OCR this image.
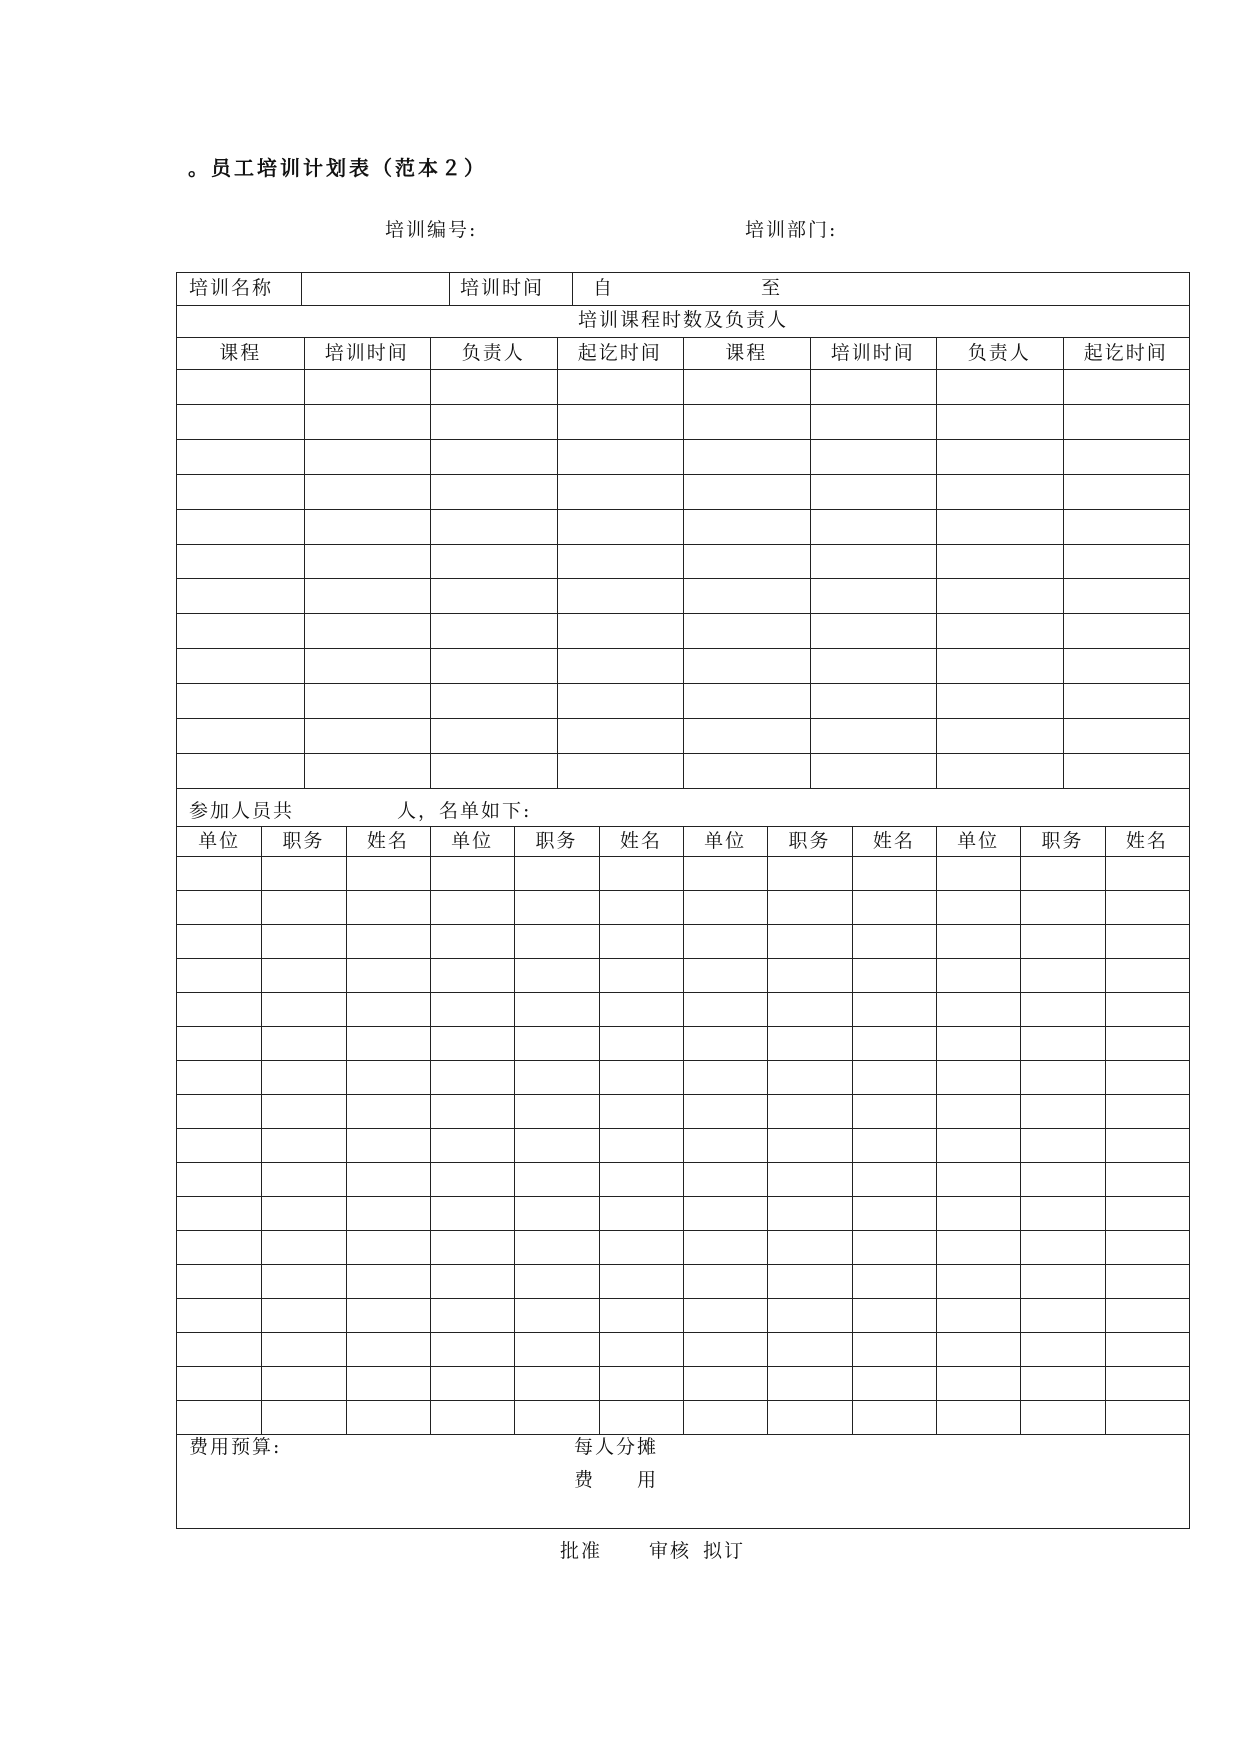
。员工培训计划表（范本２）
培训编号:	培训部门:
培训名称	培训时间	自	至
培训课程时数及负责人
课程	培训时间	负责人	起讫时间	课程	培训时间	负责人	起讫时间
参加人员共	人，名单如下:
单位 职务 姓名 单位 职务 姓名 单位 职务 姓名 单位 职务 姓名
费用预算:	每人分摊
费　　用
批准 审核 拟订
